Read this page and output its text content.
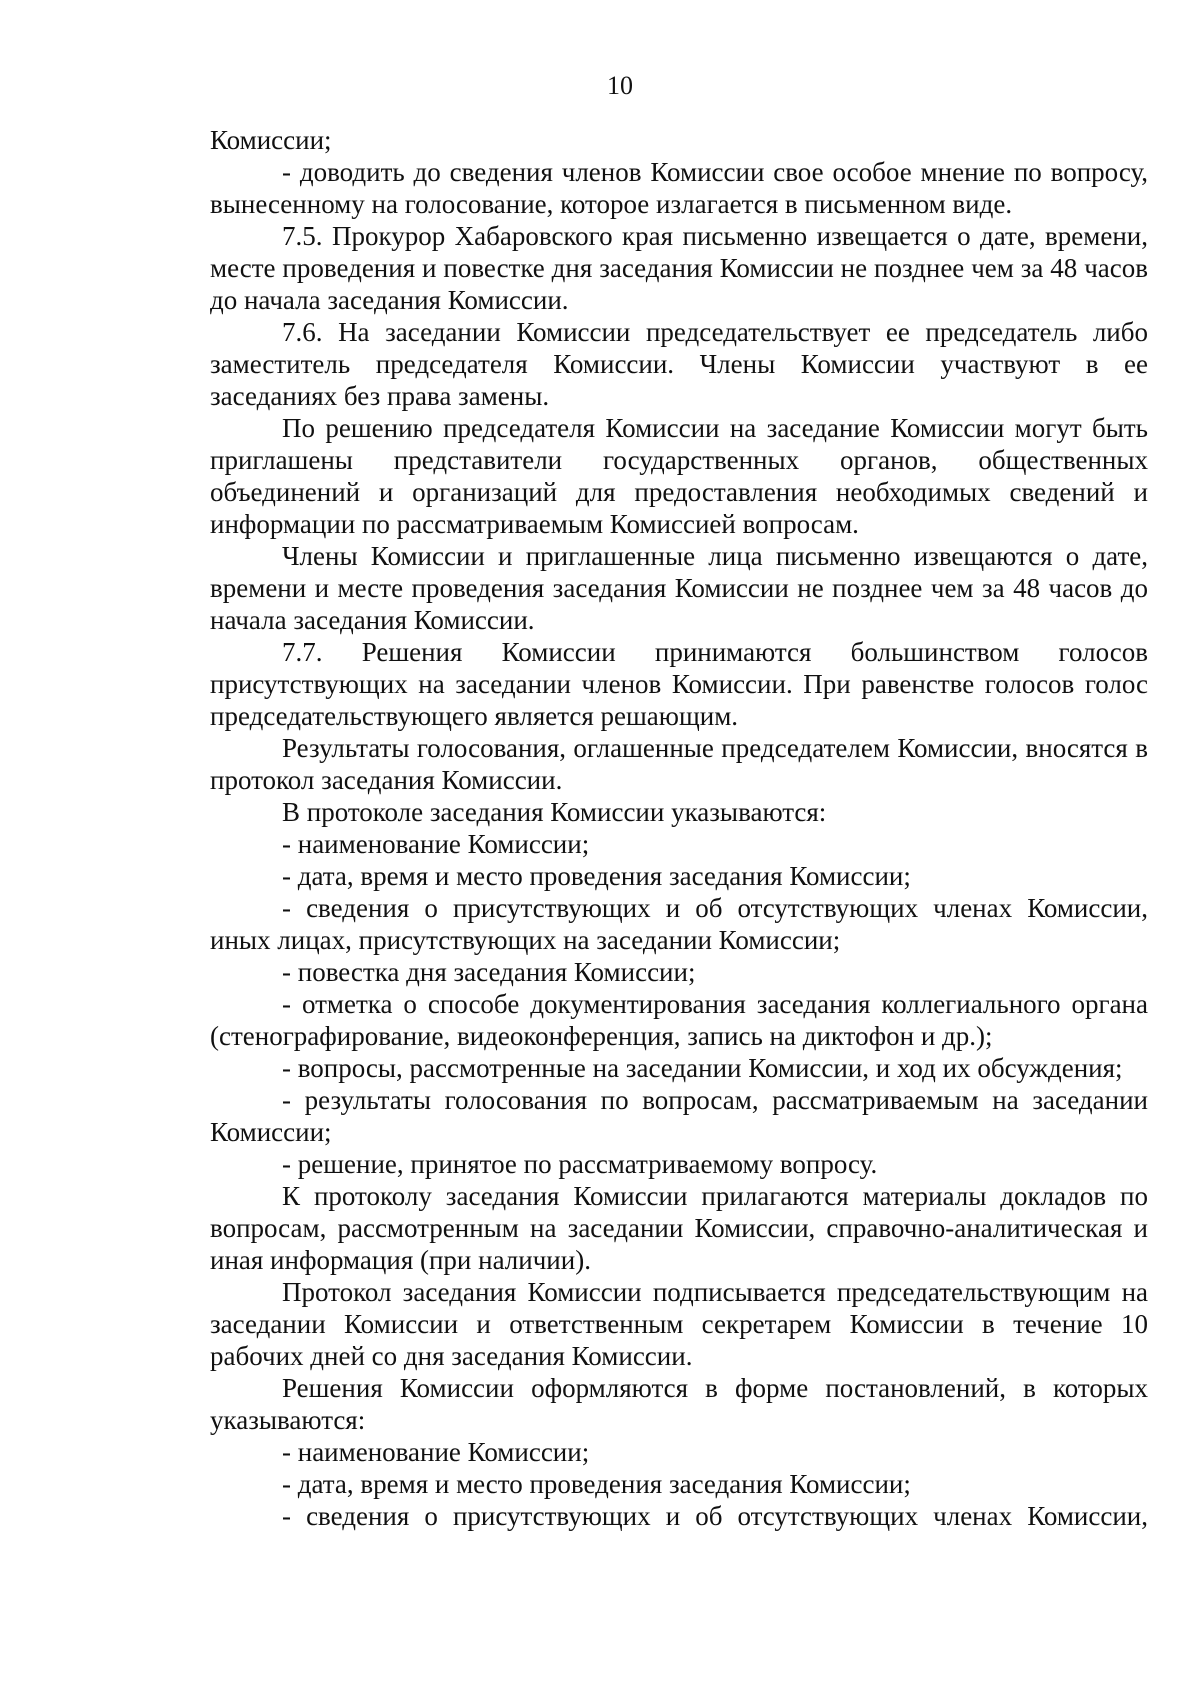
10

Комиссии;

- доводить до сведения членов Комиссии свое особое мнение по вопросу, вынесенному на голосование, которое излагается в письменном виде.

7.5. Прокурор Хабаровского края письменно извещается о дате, времени, месте проведения и повестке дня заседания Комиссии не позднее чем за 48 часов до начала заседания Комиссии.

7.6. На заседании Комиссии председательствует ее председатель либо заместитель председателя Комиссии. Члены Комиссии участвуют в ее заседаниях без права замены.

По решению председателя Комиссии на заседание Комиссии могут быть приглашены представители государственных органов, общественных объединений и организаций для предоставления необходимых сведений и информации по рассматриваемым Комиссией вопросам.

Члены Комиссии и приглашенные лица письменно извещаются о дате, времени и месте проведения заседания Комиссии не позднее чем за 48 часов до начала заседания Комиссии.

7.7. Решения Комиссии принимаются большинством голосов присутствующих на заседании членов Комиссии. При равенстве голосов голос председательствующего является решающим.

Результаты голосования, оглашенные председателем Комиссии, вносятся в протокол заседания Комиссии.

В протоколе заседания Комиссии указываются:

- наименование Комиссии;

- дата, время и место проведения заседания Комиссии;

- сведения о присутствующих и об отсутствующих членах Комиссии, иных лицах, присутствующих на заседании Комиссии;

- повестка дня заседания Комиссии;

- отметка о способе документирования заседания коллегиального органа (стенографирование, видеоконференция, запись на диктофон и др.);

- вопросы, рассмотренные на заседании Комиссии, и ход их обсуждения;

- результаты голосования по вопросам, рассматриваемым на заседании Комиссии;

- решение, принятое по рассматриваемому вопросу.

К протоколу заседания Комиссии прилагаются материалы докладов по вопросам, рассмотренным на заседании Комиссии, справочно-аналитическая и иная информация (при наличии).

Протокол заседания Комиссии подписывается председательствующим на заседании Комиссии и ответственным секретарем Комиссии в течение 10 рабочих дней со дня заседания Комиссии.

Решения Комиссии оформляются в форме постановлений, в которых указываются:

- наименование Комиссии;

- дата, время и место проведения заседания Комиссии;

- сведения о присутствующих и об отсутствующих членах Комиссии,
